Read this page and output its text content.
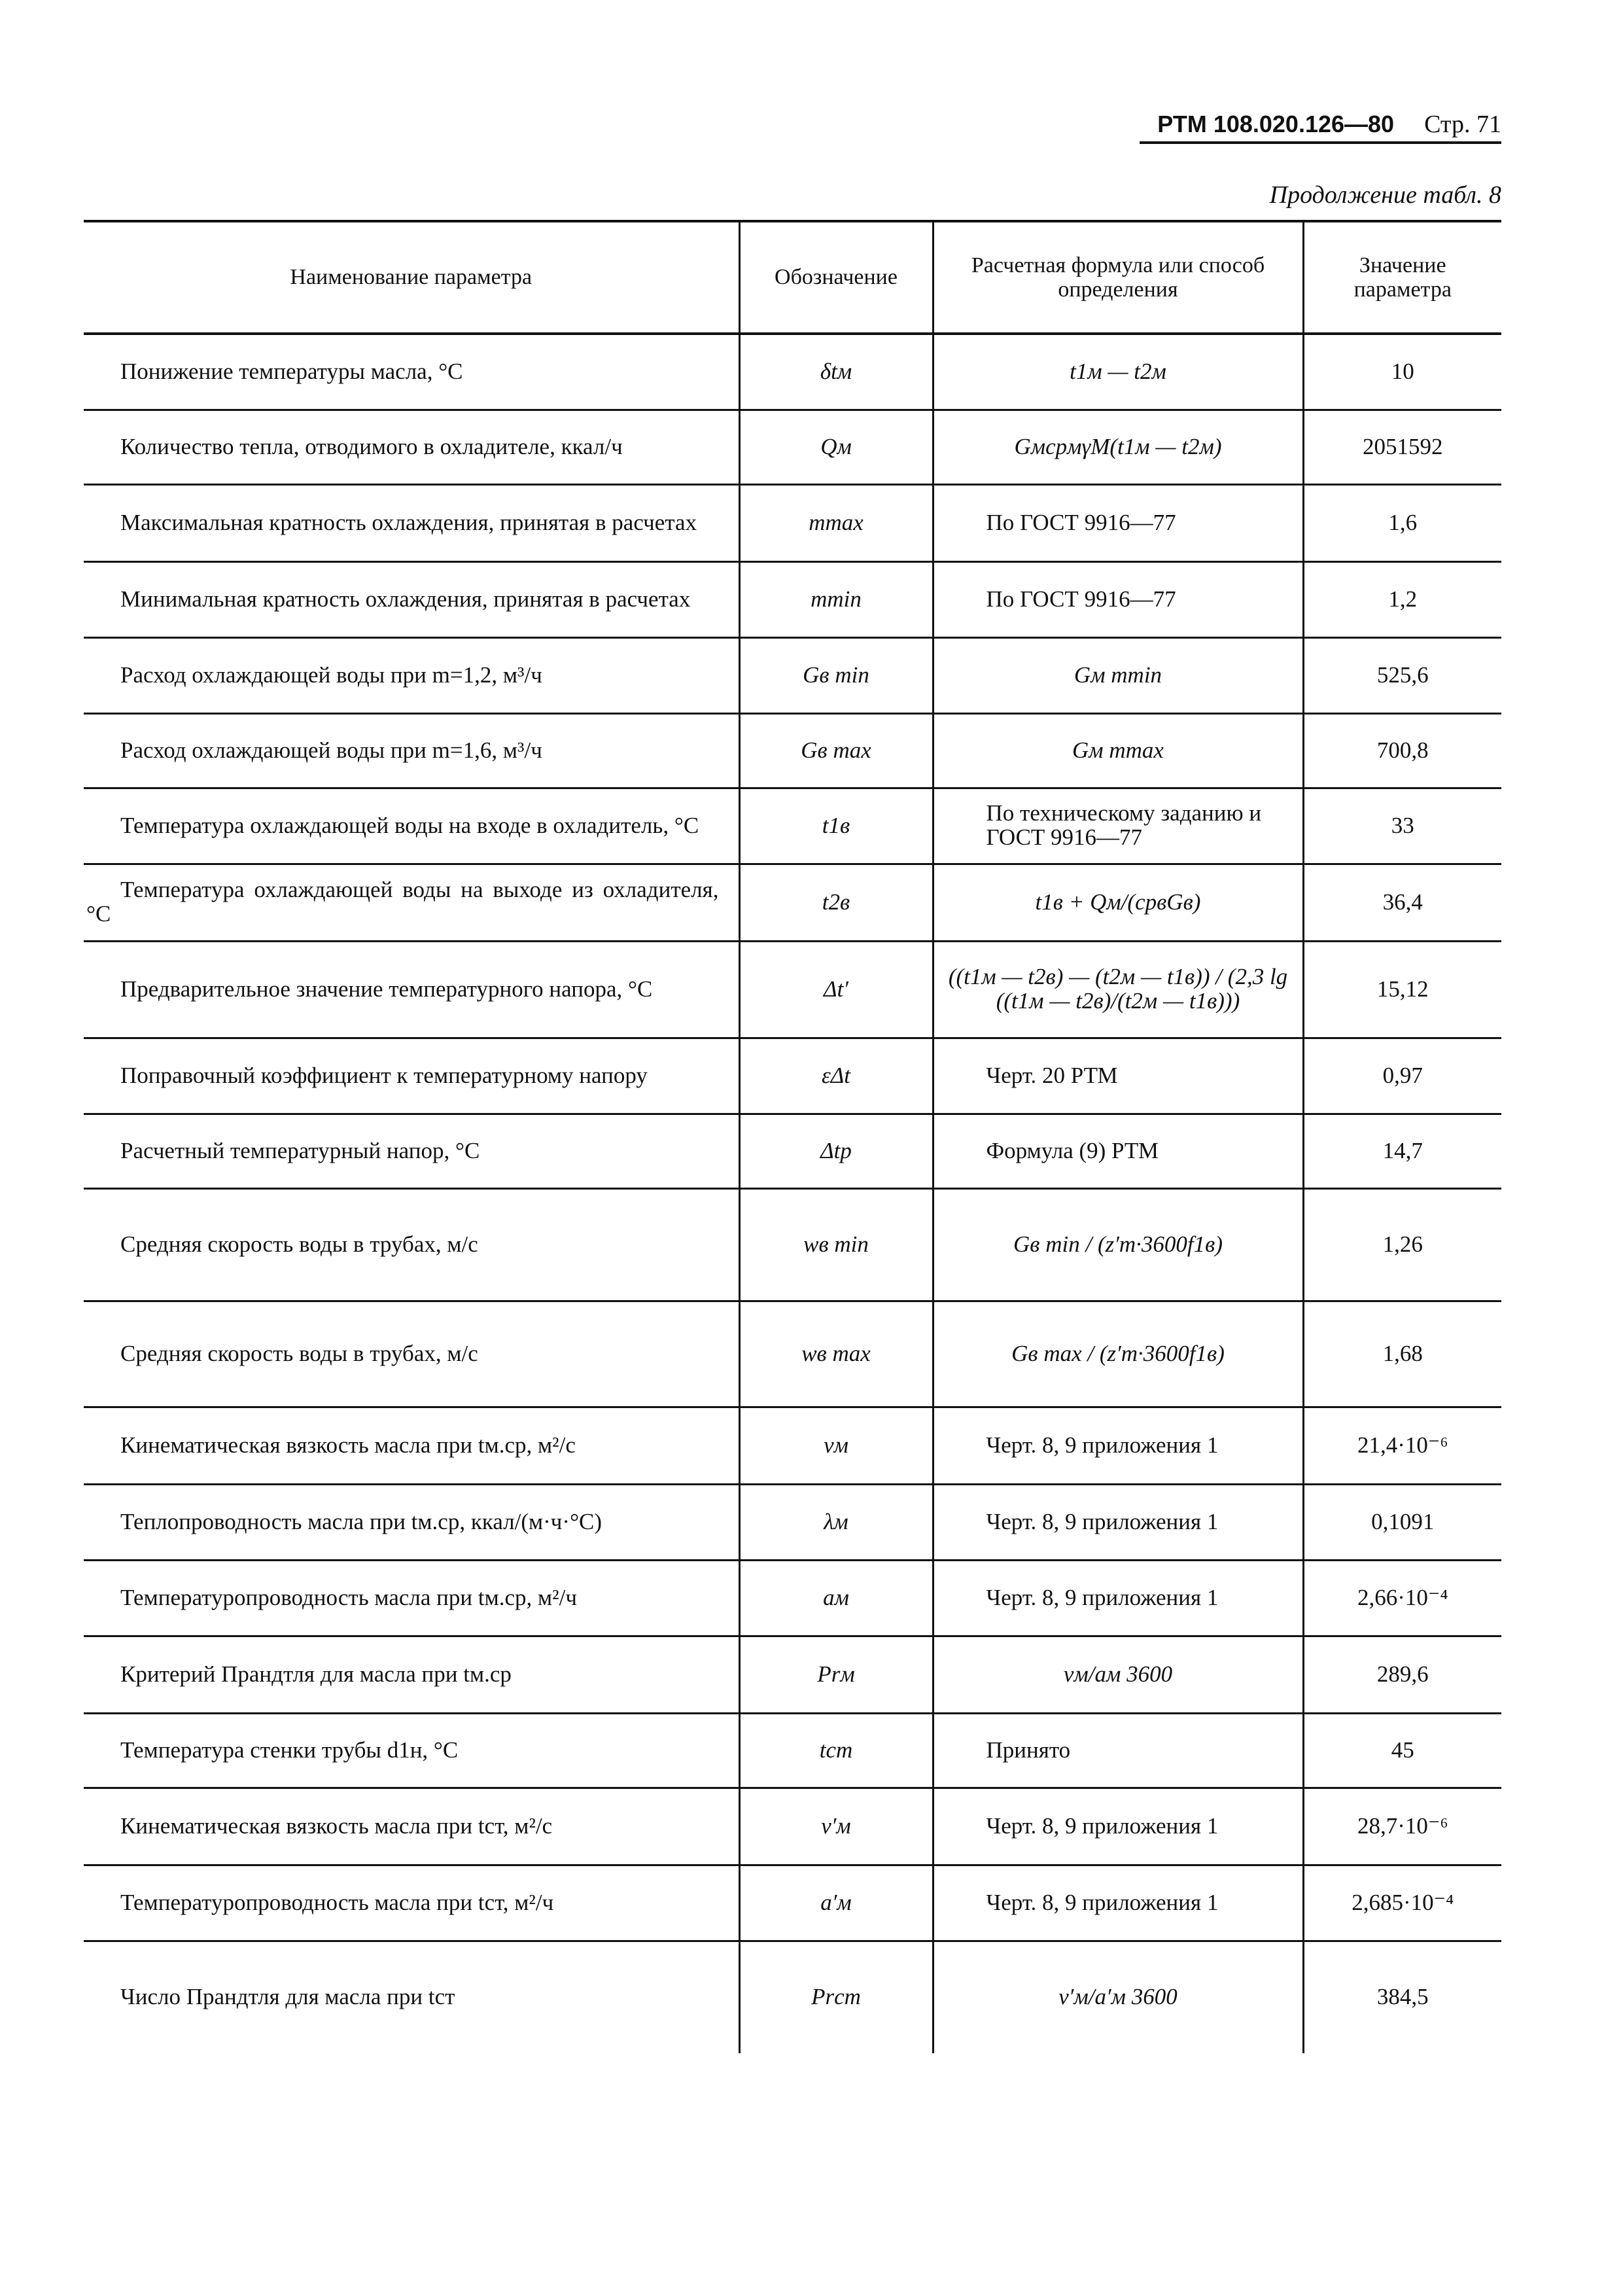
РТМ 108.020.126—80 Стр. 71
Продолжение табл. 8
Наименование параметра	Обозначение	Расчетная формула или способ определения	Значение параметра
Понижение температуры масла, °С	δtм	t1м — t2м	10
Количество тепла, отводимого в охладителе, ккал/ч	Qм	GмcpмγM(t1м — t2м)	2051592
Максимальная кратность охлаждения, принятая в расчетах	mmax	По ГОСТ 9916—77	1,6
Минимальная кратность охлаждения, принятая в расчетах	mmin	По ГОСТ 9916—77	1,2
Расход охлаждающей воды при m=1,2, м³/ч	Gв min	Gм mmin	525,6
Расход охлаждающей воды при m=1,6, м³/ч	Gв max	Gм mmax	700,8
Температура охлаждающей воды на входе в охладитель, °С	t1в	По техническому заданию и ГОСТ 9916—77	33
Температура охлаждающей воды на выходе из охладителя, °С	t2в	t1в + Qм/(cpвGв)	36,4
Предварительное значение температурного напора, °С	Δt′	((t1м — t2в) — (t2м — t1в)) / (2,3 lg ((t1м — t2в)/(t2м — t1в)))	15,12
Поправочный коэффициент к температурному напору	εΔt	Черт. 20 РТМ	0,97
Расчетный температурный напор, °С	Δtр	Формула (9) РТМ	14,7
Средняя скорость воды в трубах, м/с	wв min	Gв min / (z′т·3600f1в)	1,26
Средняя скорость воды в трубах, м/с	wв max	Gв max / (z′т·3600f1в)	1,68
Кинематическая вязкость масла при tм.ср, м²/с	νм	Черт. 8, 9 приложения 1	21,4·10⁻⁶
Теплопроводность масла при tм.ср, ккал/(м·ч·°С)	λм	Черт. 8, 9 приложения 1	0,1091
Температуропроводность масла при tм.ср, м²/ч	aм	Черт. 8, 9 приложения 1	2,66·10⁻⁴
Критерий Прандтля для масла при tм.ср	Prм	νм/aм 3600	289,6
Температура стенки трубы d1н, °С	tст	Принято	45
Кинематическая вязкость масла при tст, м²/с	ν′м	Черт. 8, 9 приложения 1	28,7·10⁻⁶
Температуропроводность масла при tст, м²/ч	a′м	Черт. 8, 9 приложения 1	2,685·10⁻⁴
Число Прандтля для масла при tст	Prст	ν′м/a′м 3600	384,5
